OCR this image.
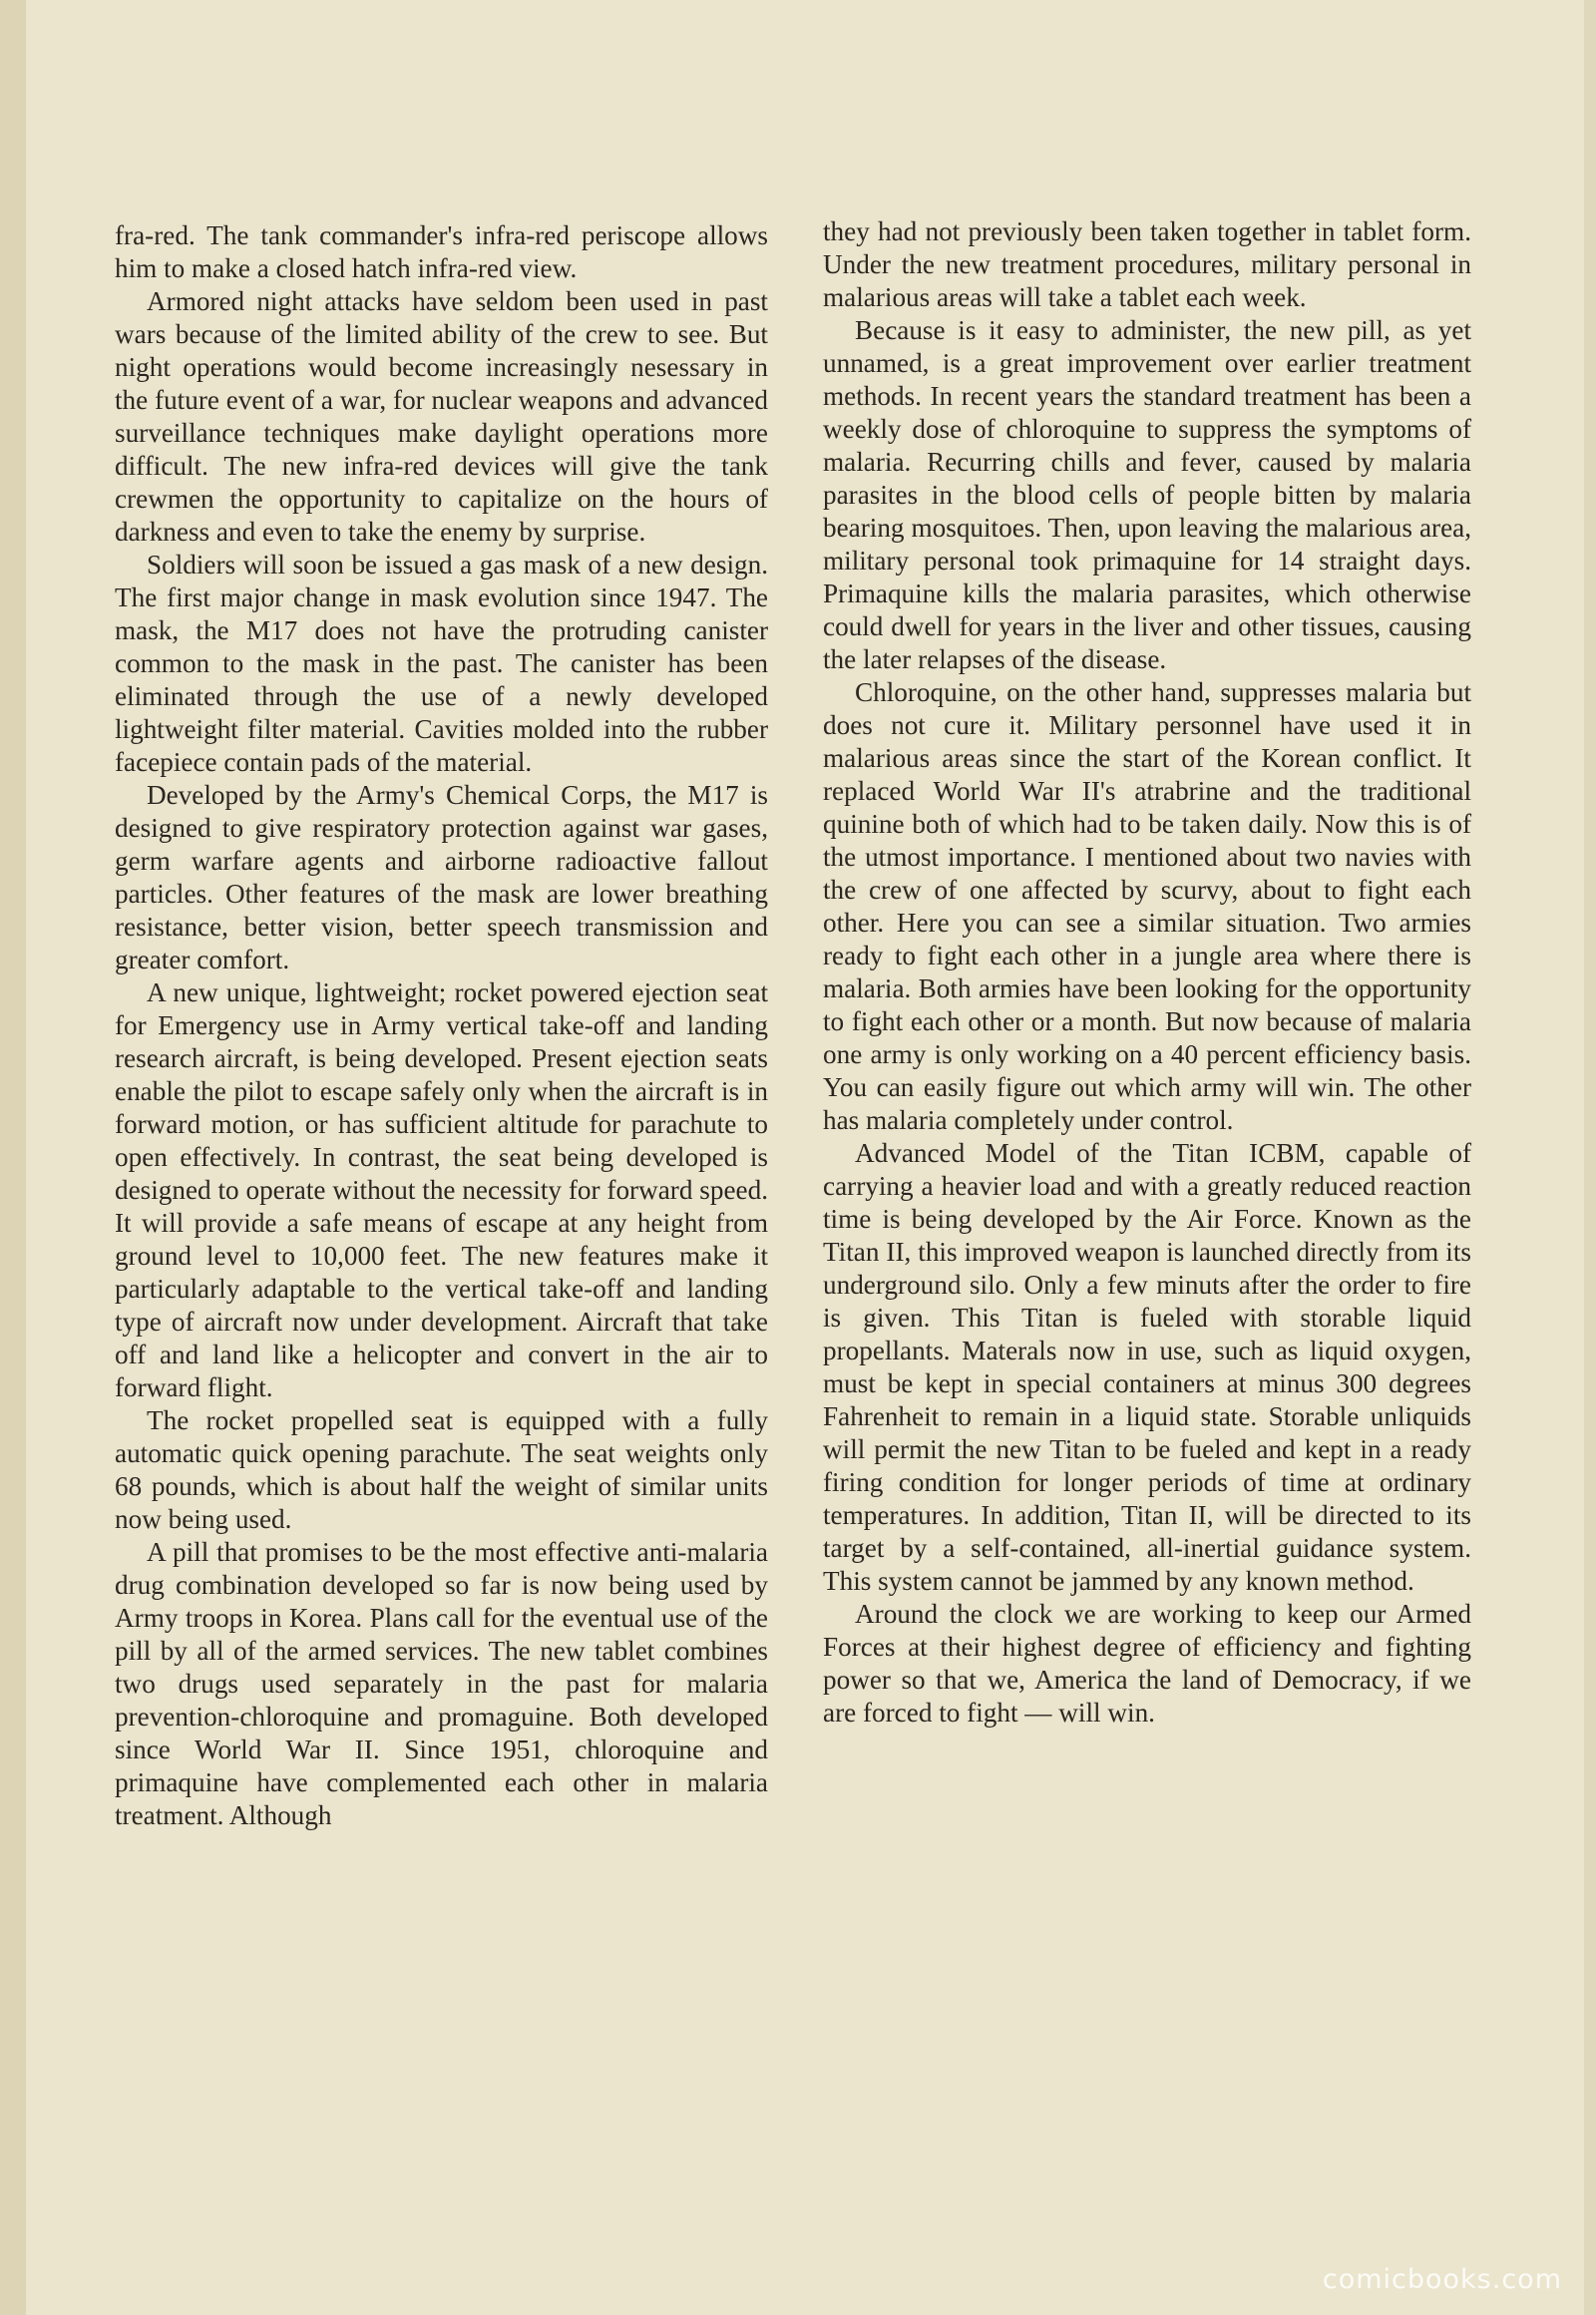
fra-red. The tank commander's infra-red periscope allows him to make a closed hatch infra-red view.

Armored night attacks have seldom been used in past wars because of the limited ability of the crew to see. But night operations would become increasingly nesessary in the future event of a war, for nuclear weapons and advanced surveillance techniques make daylight operations more difficult. The new infra-red devices will give the tank crewmen the opportunity to capitalize on the hours of darkness and even to take the enemy by surprise.

Soldiers will soon be issued a gas mask of a new design. The first major change in mask evolution since 1947. The mask, the M17 does not have the protruding canister common to the mask in the past. The canister has been eliminated through the use of a newly developed lightweight filter material. Cavities molded into the rubber facepiece contain pads of the material.

Developed by the Army's Chemical Corps, the M17 is designed to give respiratory protection against war gases, germ warfare agents and airborne radioactive fallout particles. Other features of the mask are lower breathing resistance, better vision, better speech transmission and greater comfort.

A new unique, lightweight; rocket powered ejection seat for Emergency use in Army vertical take-off and landing research aircraft, is being developed. Present ejection seats enable the pilot to escape safely only when the aircraft is in forward motion, or has sufficient altitude for parachute to open effectively. In contrast, the seat being developed is designed to operate without the necessity for forward speed. It will provide a safe means of escape at any height from ground level to 10,000 feet. The new features make it particularly adaptable to the vertical take-off and landing type of aircraft now under development. Aircraft that take off and land like a helicopter and convert in the air to forward flight.

The rocket propelled seat is equipped with a fully automatic quick opening parachute. The seat weights only 68 pounds, which is about half the weight of similar units now being used.

A pill that promises to be the most effective anti-malaria drug combination developed so far is now being used by Army troops in Korea. Plans call for the eventual use of the pill by all of the armed services. The new tablet combines two drugs used separately in the past for malaria prevention-chloroquine and promaguine. Both developed since World War II. Since 1951, chloroquine and primaquine have complemented each other in malaria treatment. Although

they had not previously been taken together in tablet form. Under the new treatment procedures, military personal in malarious areas will take a tablet each week.

Because is it easy to administer, the new pill, as yet unnamed, is a great improvement over earlier treatment methods. In recent years the standard treatment has been a weekly dose of chloroquine to suppress the symptoms of malaria. Recurring chills and fever, caused by malaria parasites in the blood cells of people bitten by malaria bearing mosquitoes. Then, upon leaving the malarious area, military personal took primaquine for 14 straight days. Primaquine kills the malaria parasites, which otherwise could dwell for years in the liver and other tissues, causing the later relapses of the disease.

Chloroquine, on the other hand, suppresses malaria but does not cure it. Military personnel have used it in malarious areas since the start of the Korean conflict. It replaced World War II's atrabrine and the traditional quinine both of which had to be taken daily. Now this is of the utmost importance. I mentioned about two navies with the crew of one affected by scurvy, about to fight each other. Here you can see a similar situation. Two armies ready to fight each other in a jungle area where there is malaria. Both armies have been looking for the opportunity to fight each other or a month. But now because of malaria one army is only working on a 40 percent efficiency basis. You can easily figure out which army will win. The other has malaria completely under control.

Advanced Model of the Titan ICBM, capable of carrying a heavier load and with a greatly reduced reaction time is being developed by the Air Force. Known as the Titan II, this improved weapon is launched directly from its underground silo. Only a few minuts after the order to fire is given. This Titan is fueled with storable liquid propellants. Materals now in use, such as liquid oxygen, must be kept in special containers at minus 300 degrees Fahrenheit to remain in a liquid state. Storable unliquids will permit the new Titan to be fueled and kept in a ready firing condition for longer periods of time at ordinary temperatures. In addition, Titan II, will be directed to its target by a self-contained, all-inertial guidance system. This system cannot be jammed by any known method.

Around the clock we are working to keep our Armed Forces at their highest degree of efficiency and fighting power so that we, America the land of Democracy, if we are forced to fight — will win.

comicbooks.com
